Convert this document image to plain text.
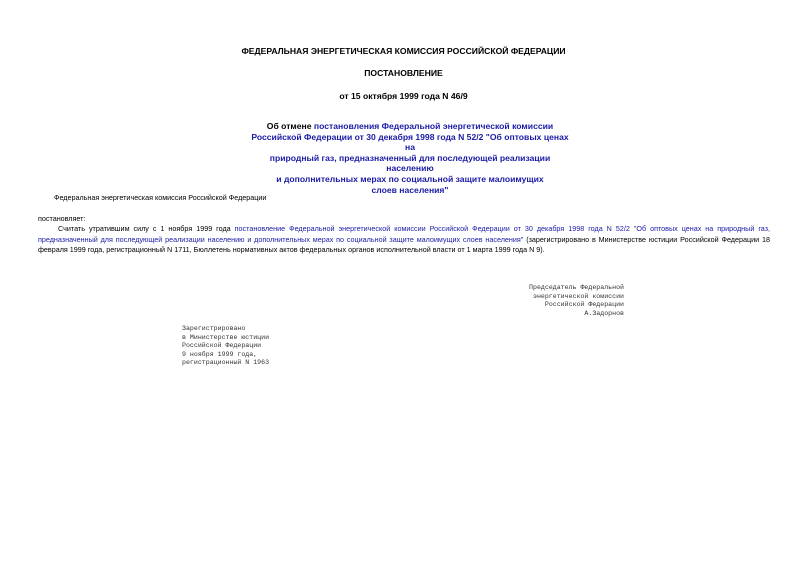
ФЕДЕРАЛЬНАЯ ЭНЕРГЕТИЧЕСКАЯ КОМИССИЯ РОССИЙСКОЙ ФЕДЕРАЦИИ
ПОСТАНОВЛЕНИЕ
от 15 октября 1999 года N 46/9
Об отмене постановления Федеральной энергетической комиссии
Российской Федерации от 30 декабря 1998 года N 52/2 "Об оптовых ценах на
природный газ, предназначенный для последующей реализации населению
и дополнительных мерах по социальной защите малоимущих
слоев населения"
Федеральная энергетическая комиссия Российской Федерации
постановляет:
Считать утратившим силу с 1 ноября 1999 года постановление Федеральной энергетической комиссии Российской Федерации от 30 декабря 1998 года N 52/2 "Об оптовых ценах на природный газ, предназначенный для последующей реализации населению и дополнительных мерах по социальной защите малоимущих слоев населения" (зарегистрировано в Министерстве юстиции Российской Федерации 18 февраля 1999 года, регистрационный N 1711, Бюллетень нормативных актов федеральных органов исполнительной власти от 1 марта 1999 года N 9).
Председатель Федеральной
энергетической комиссии
Российской Федерации
А.Задорнов
Зарегистрировано
в Министерстве юстиции
Российской Федерации
9 ноября 1999 года,
регистрационный N 1963
